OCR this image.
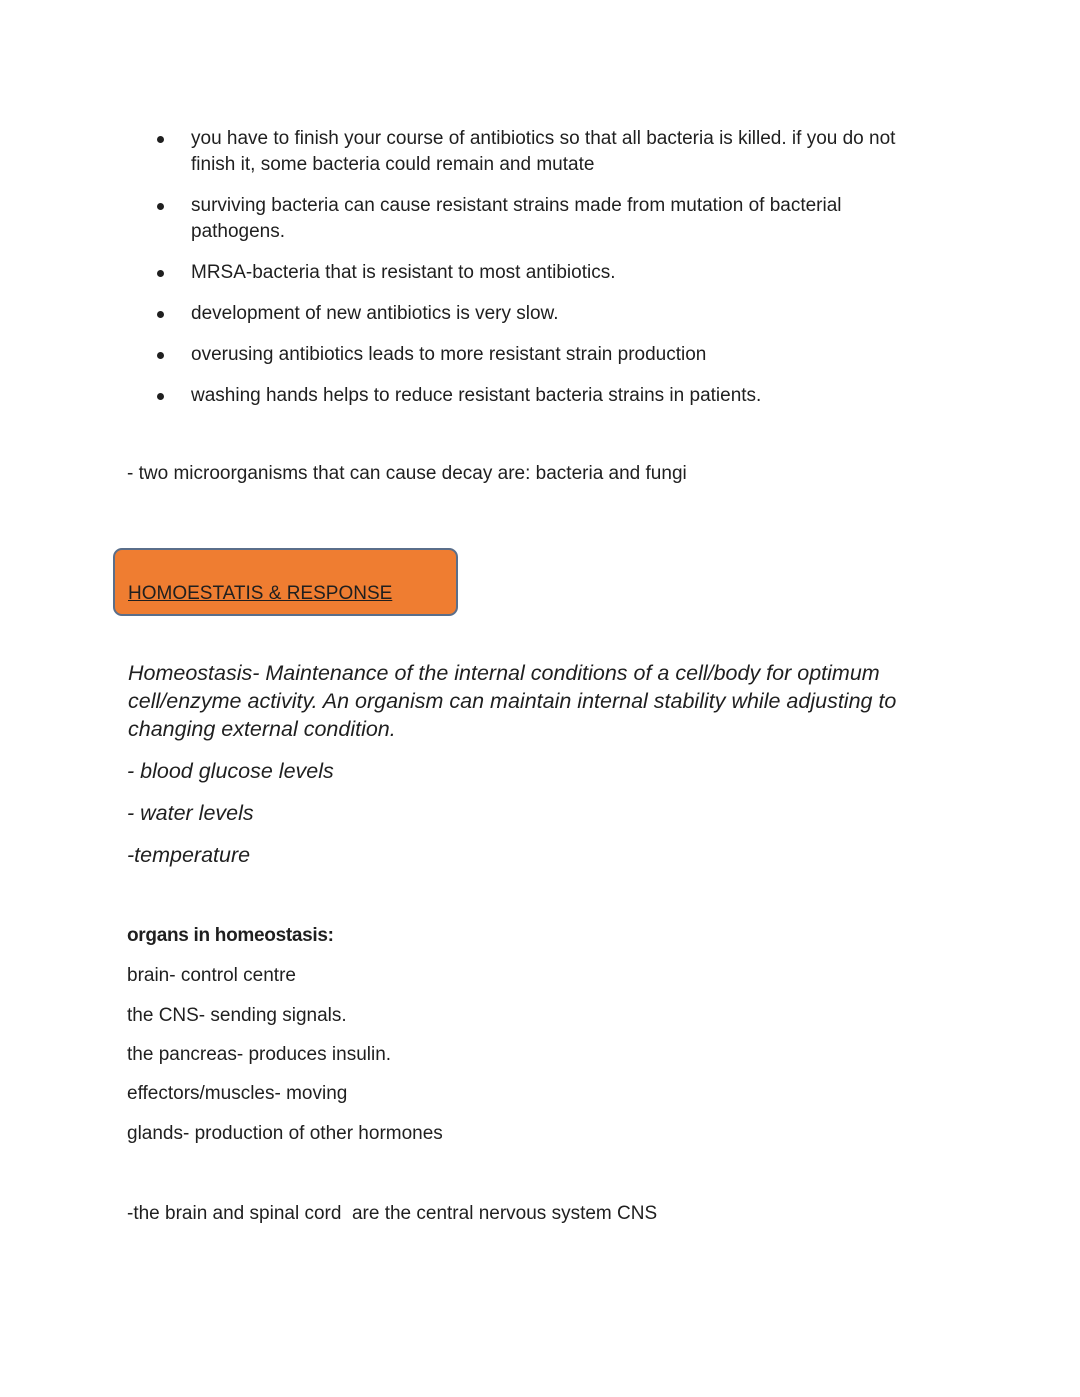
you have to finish your course of antibiotics so that all bacteria is killed. if you do not finish it, some bacteria could remain and mutate
surviving bacteria can cause resistant strains made from mutation of bacterial pathogens.
MRSA-bacteria that is resistant to most antibiotics.
development of new antibiotics is very slow.
overusing antibiotics leads to more resistant strain production
washing hands helps to reduce resistant bacteria strains in patients.
- two microorganisms that can cause decay are: bacteria and fungi
HOMOESTATIS & RESPONSE
Homeostasis- Maintenance of the internal conditions of a cell/body for optimum cell/enzyme activity. An organism can maintain internal stability while adjusting to changing external condition.
- blood glucose levels
- water levels
-temperature
organs in homeostasis:
brain- control centre
the CNS- sending signals.
the pancreas- produces insulin.
effectors/muscles- moving
glands- production of other hormones
-the brain and spinal cord  are the central nervous system CNS
